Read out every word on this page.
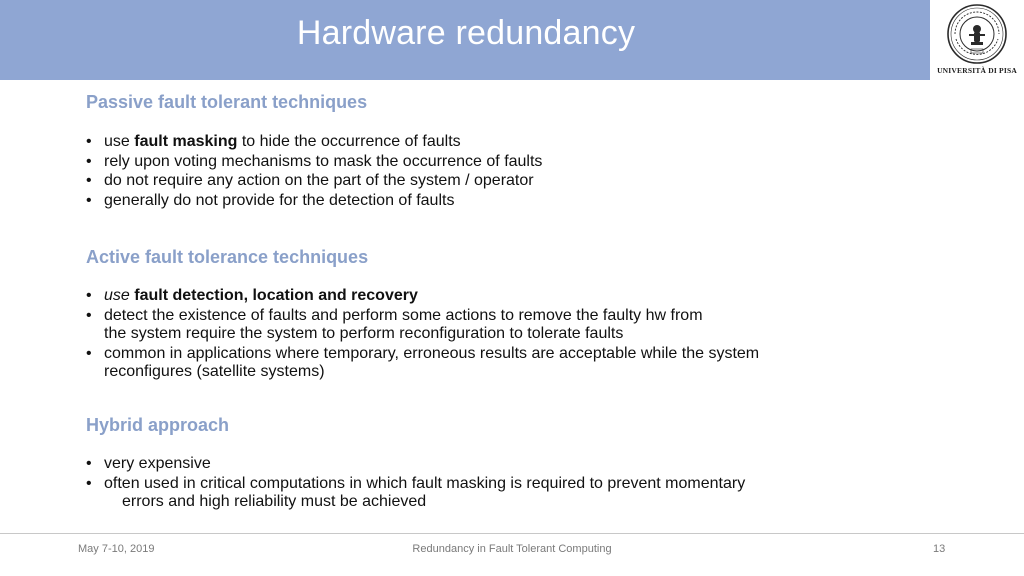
Hardware redundancy
UNIVERSITÀ DI PISA
Passive fault tolerant techniques
• use fault masking to hide the occurrence of faults
• rely upon voting mechanisms to mask the occurrence of faults
• do not require any action on the part of the system / operator
• generally do not provide for the detection of faults
Active fault tolerance techniques
• use fault detection, location and recovery
• detect the existence of faults and perform some actions to remove the faulty hw from
the system require the system to perform reconfiguration to tolerate faults
• common in applications where temporary, erroneous results are acceptable while the system
reconfigures (satellite systems)
Hybrid approach
• very expensive
• often used in critical computations in which fault masking is required to prevent momentary
errors and high reliability must be achieved
May 7-10, 2019	Redundancy in Fault Tolerant Computing	13
